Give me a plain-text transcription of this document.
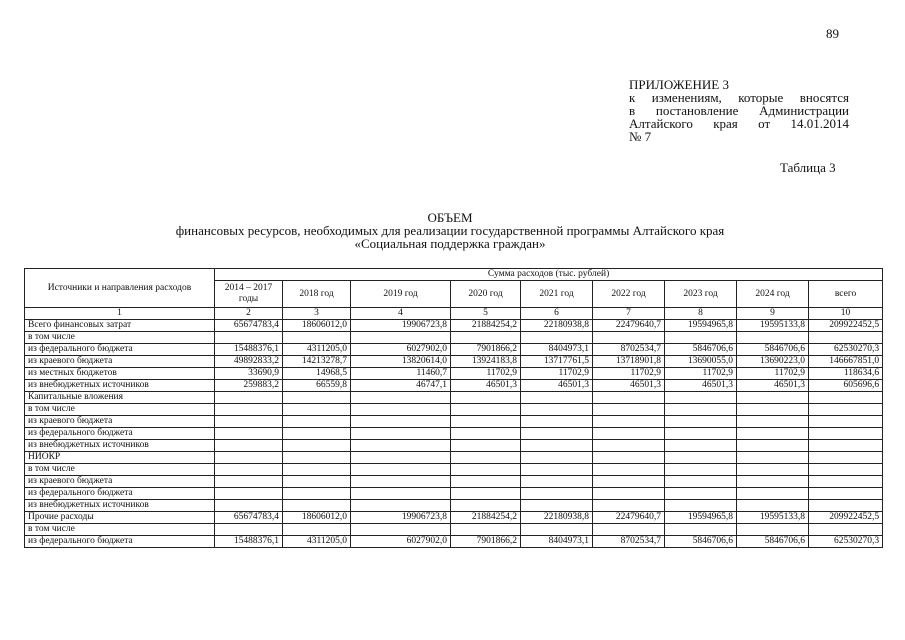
89
ПРИЛОЖЕНИЕ 3
к изменениям, которые вносятся
в постановление Администрации
Алтайского края от 14.01.2014
№ 7
Таблица 3
ОБЪЕМ
финансовых ресурсов, необходимых для реализации государственной программы Алтайского края
«Социальная поддержка граждан»
Источники и направления расходов	Сумма расходов (тыс. рублей)								
	2014 – 2017 годы	2018 год	2019 год	2020 год	2021 год	2022 год	2023 год	2024 год	всего
1	2	3	4	5	6	7	8	9	10
Всего финансовых затрат	65674783,4	18606012,0	19906723,8	21884254,2	22180938,8	22479640,7	19594965,8	19595133,8	209922452,5
в том числе									
из федерального бюджета	15488376,1	4311205,0	6027902,0	7901866,2	8404973,1	8702534,7	5846706,6	5846706,6	62530270,3
из краевого бюджета	49892833,2	14213278,7	13820614,0	13924183,8	13717761,5	13718901,8	13690055,0	13690223,0	146667851,0
из местных бюджетов	33690,9	14968,5	11460,7	11702,9	11702,9	11702,9	11702,9	11702,9	118634,6
из внебюджетных источников	259883,2	66559,8	46747,1	46501,3	46501,3	46501,3	46501,3	46501,3	605696,6
Капитальные вложения									
в том числе									
из краевого бюджета									
из федерального бюджета									
из внебюджетных источников									
НИОКР									
в том числе									
из краевого бюджета									
из федерального бюджета									
из внебюджетных источников									
Прочие расходы	65674783,4	18606012,0	19906723,8	21884254,2	22180938,8	22479640,7	19594965,8	19595133,8	209922452,5
в том числе									
из федерального бюджета	15488376,1	4311205,0	6027902,0	7901866,2	8404973,1	8702534,7	5846706,6	5846706,6	62530270,3
